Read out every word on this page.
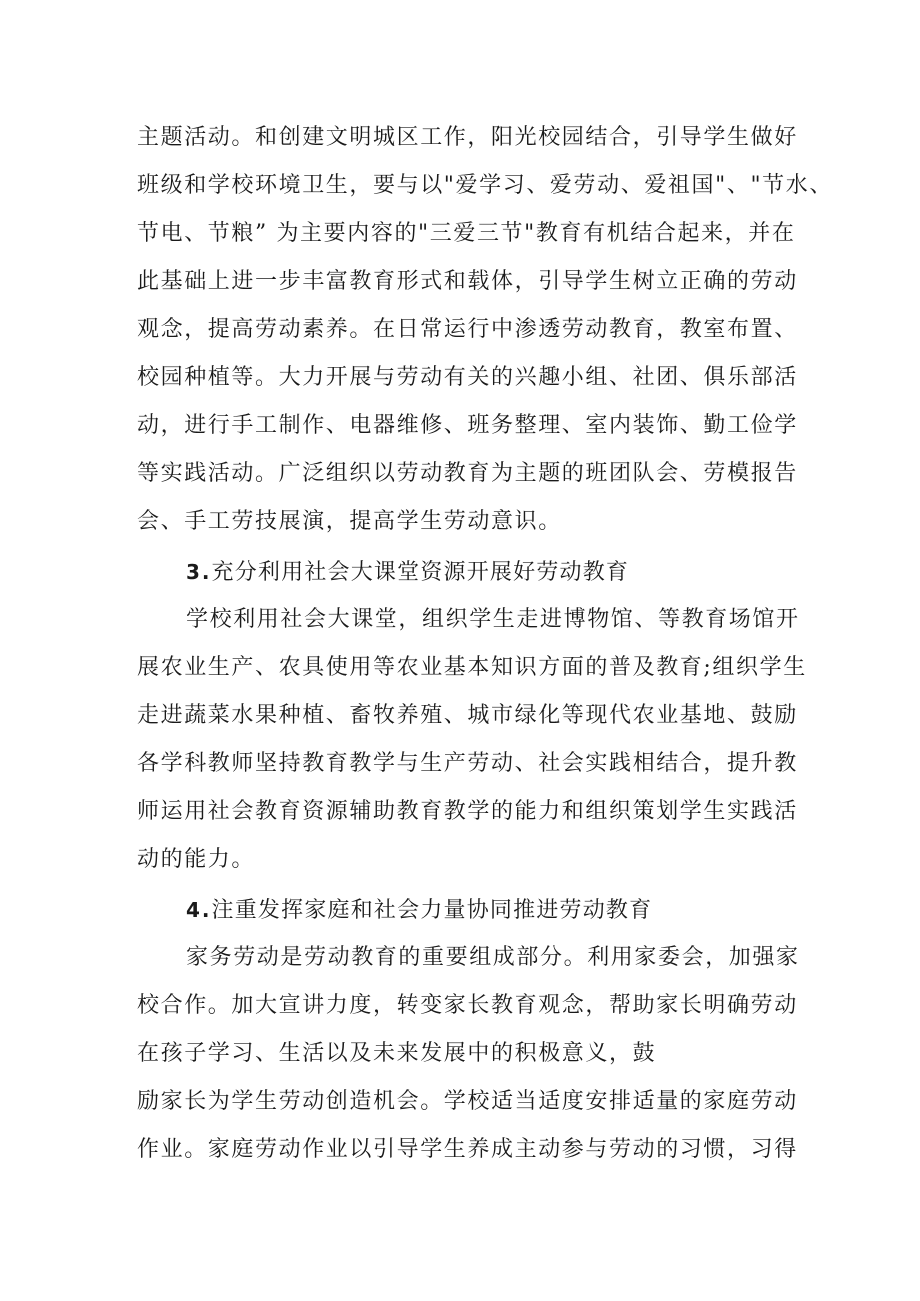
主题活动。和创建文明城区工作，阳光校园结合，引导学生做好
班级和学校环境卫生，要与以"爱学习、爱劳动、爱祖国"、"节水、
节电、节粮” 为主要内容的"三爱三节"教育有机结合起来，并在
此基础上进一步丰富教育形式和载体，引导学生树立正确的劳动
观念，提高劳动素养。在日常运行中渗透劳动教育，教室布置、
校园种植等。大力开展与劳动有关的兴趣小组、社团、俱乐部活
动，进行手工制作、电器维修、班务整理、室内装饰、勤工俭学
等实践活动。广泛组织以劳动教育为主题的班团队会、劳模报告
会、手工劳技展演，提高学生劳动意识。
3.充分利用社会大课堂资源开展好劳动教育
学校利用社会大课堂，组织学生走进博物馆、等教育场馆开
展农业生产、农具使用等农业基本知识方面的普及教育;组织学生
走进蔬菜水果种植、畜牧养殖、城市绿化等现代农业基地、鼓励
各学科教师坚持教育教学与生产劳动、社会实践相结合，提升教
师运用社会教育资源辅助教育教学的能力和组织策划学生实践活
动的能力。
4.注重发挥家庭和社会力量协同推进劳动教育
家务劳动是劳动教育的重要组成部分。利用家委会，加强家
校合作。加大宣讲力度，转变家长教育观念，帮助家长明确劳动
在孩子学习、生活以及未来发展中的积极意义，鼓
励家长为学生劳动创造机会。学校适当适度安排适量的家庭劳动
作业。家庭劳动作业以引导学生养成主动参与劳动的习惯，习得
